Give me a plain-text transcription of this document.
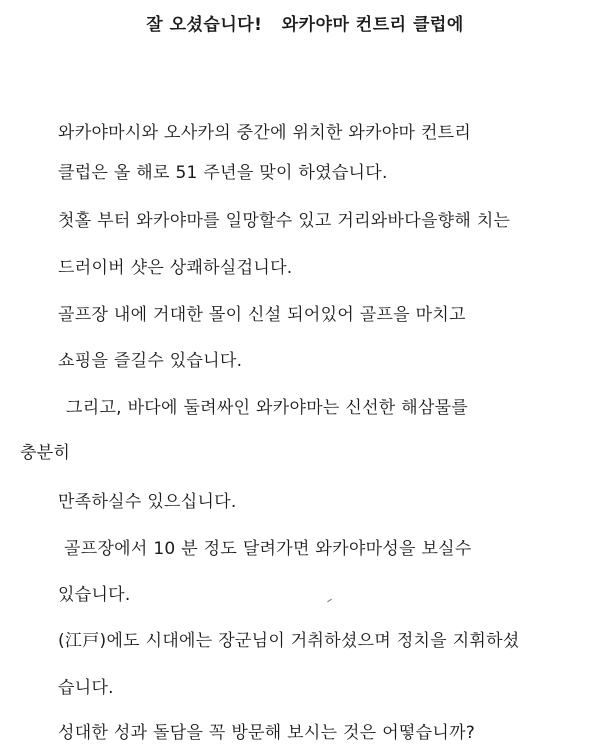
잘 오셨습니다!   와카야마 컨트리 클럽에
와카야마시와 오사카의 중간에 위치한 와카야마 컨트리
클럽은 올 해로 51 주년을 맞이 하였습니다.
첫홀 부터 와카야마를 일망할수 있고 거리와바다을향해 치는
드러이버 샷은 상쾌하실겁니다.
골프장 내에 거대한 몰이 신설 되어있어 골프을 마치고
쇼핑을 즐길수 있습니다.
그리고, 바다에 둘려싸인 와카야마는 신선한 해삼물를
충분히
만족하실수 있으십니다.
골프장에서 10 분 정도 달려가면 와카야마성을 보실수
있습니다.
(江戸)에도 시대에는 장군님이 거취하셨으며 정치을 지휘하셨
습니다.
성대한 성과 돌담을 꼭 방문해 보시는 것은 어떻습니까?
